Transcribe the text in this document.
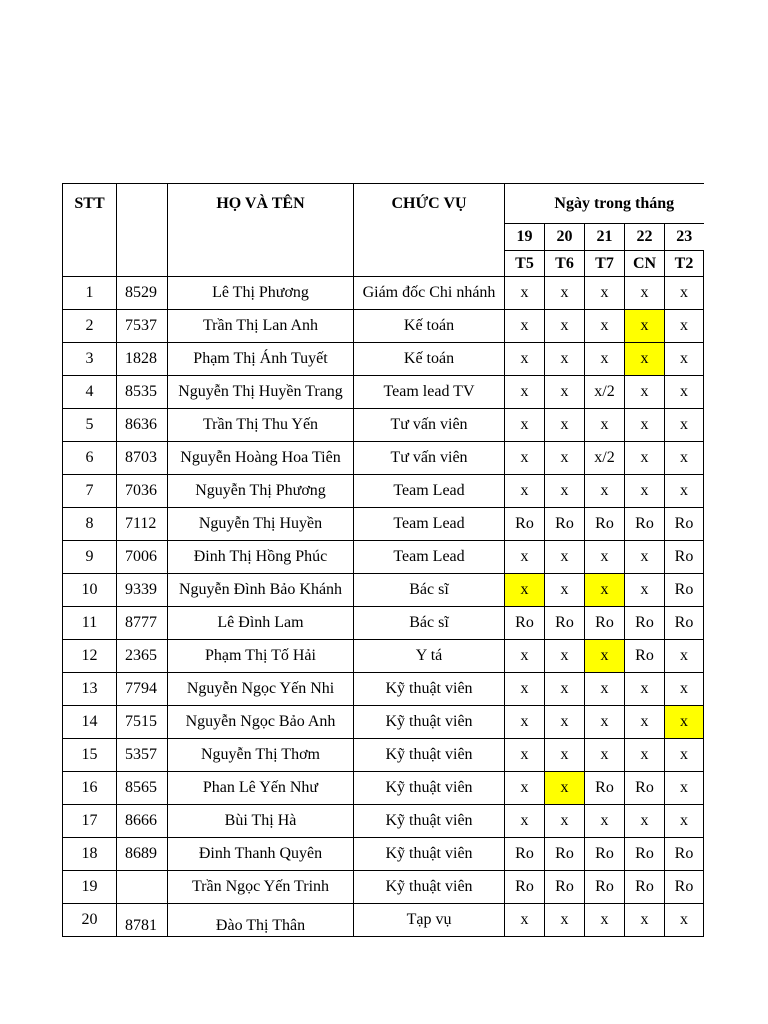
STT		HỌ VÀ TÊN	CHỨC VỤ	Ngày trong tháng				
				19	20	21	22	23
				T5	T6	T7	CN	T2
1	8529	Lê Thị Phương	Giám đốc Chi nhánh	x	x	x	x	x
2	7537	Trần Thị Lan Anh	Kế toán	x	x	x	x	x
3	1828	Phạm Thị Ánh Tuyết	Kế toán	x	x	x	x	x
4	8535	Nguyễn Thị Huyền Trang	Team lead TV	x	x	x/2	x	x
5	8636	Trần Thị Thu Yến	Tư vấn viên	x	x	x	x	x
6	8703	Nguyễn Hoàng Hoa Tiên	Tư vấn viên	x	x	x/2	x	x
7	7036	Nguyễn Thị Phương	Team Lead	x	x	x	x	x
8	7112	Nguyễn Thị Huyền	Team Lead	Ro	Ro	Ro	Ro	Ro
9	7006	Đinh Thị Hồng Phúc	Team Lead	x	x	x	x	Ro
10	9339	Nguyễn Đình Bảo Khánh	Bác sĩ	x	x	x	x	Ro
11	8777	Lê Đình Lam	Bác sĩ	Ro	Ro	Ro	Ro	Ro
12	2365	Phạm Thị Tố Hải	Y tá	x	x	x	Ro	x
13	7794	Nguyễn Ngọc Yến Nhi	Kỹ thuật viên	x	x	x	x	x
14	7515	Nguyễn Ngọc Bảo Anh	Kỹ thuật viên	x	x	x	x	x
15	5357	Nguyễn Thị Thơm	Kỹ thuật viên	x	x	x	x	x
16	8565	Phan Lê Yến Như	Kỹ thuật viên	x	x	Ro	Ro	x
17	8666	Bùi Thị Hà	Kỹ thuật viên	x	x	x	x	x
18	8689	Đinh Thanh Quyên	Kỹ thuật viên	Ro	Ro	Ro	Ro	Ro
19		Trần Ngọc Yến Trinh	Kỹ thuật viên	Ro	Ro	Ro	Ro	Ro
20	8781	Đào Thị Thân	Tạp vụ	x	x	x	x	x
